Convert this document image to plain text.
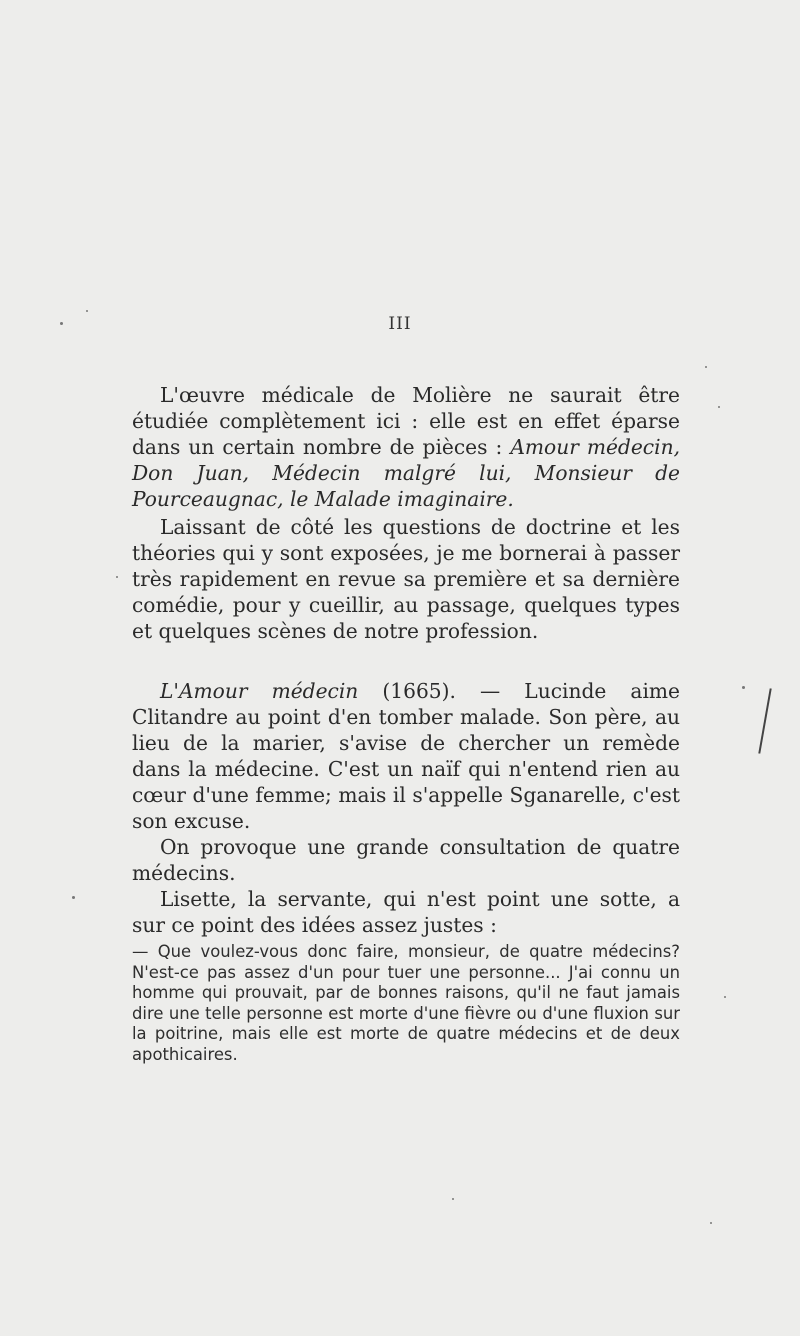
III

L'œuvre médicale de Molière ne saurait être étudiée complètement ici : elle est en effet éparse dans un certain nombre de pièces : Amour médecin, Don Juan, Médecin malgré lui, Monsieur de Pourceaugnac, le Malade imaginaire.

Laissant de côté les questions de doctrine et les théories qui y sont exposées, je me bornerai à passer très rapidement en revue sa première et sa dernière comédie, pour y cueillir, au passage, quelques types et quelques scènes de notre profession.

L'Amour médecin (1665). — Lucinde aime Clitandre au point d'en tomber malade. Son père, au lieu de la marier, s'avise de chercher un remède dans la médecine. C'est un naïf qui n'entend rien au cœur d'une femme; mais il s'appelle Sganarelle, c'est son excuse.

On provoque une grande consultation de quatre médecins.

Lisette, la servante, qui n'est point une sotte, a sur ce point des idées assez justes :

— Que voulez-vous donc faire, monsieur, de quatre médecins? N'est-ce pas assez d'un pour tuer une personne... J'ai connu un homme qui prouvait, par de bonnes raisons, qu'il ne faut jamais dire une telle personne est morte d'une fièvre ou d'une fluxion sur la poitrine, mais elle est morte de quatre médecins et de deux apothicaires.
